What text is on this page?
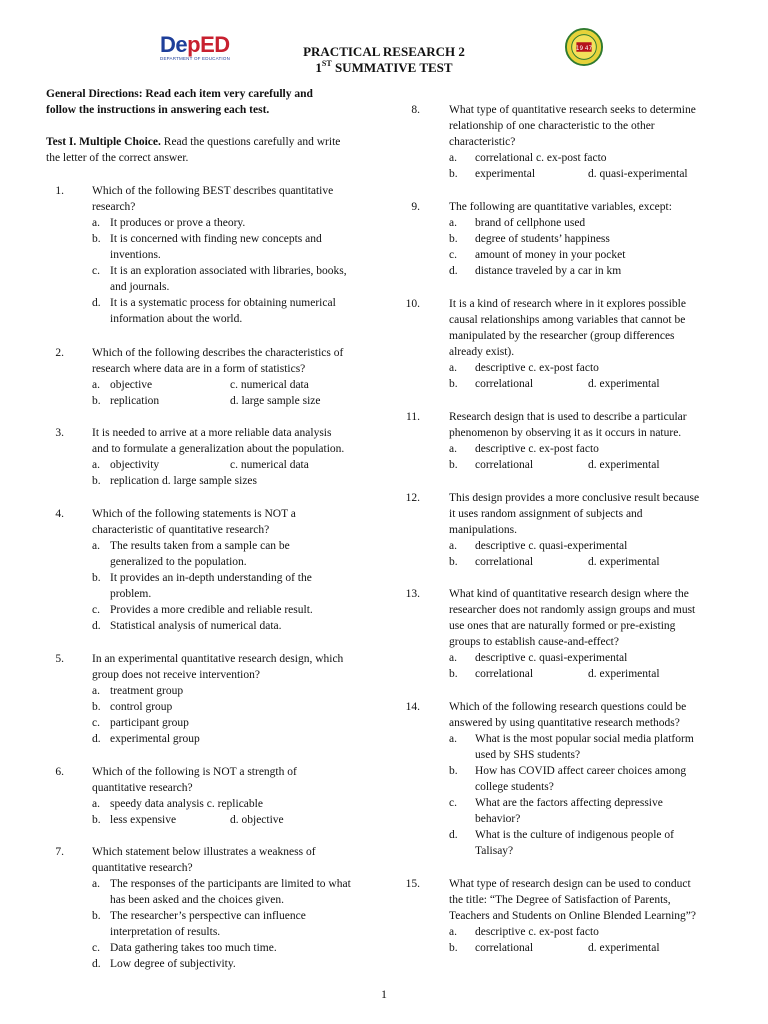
DepED
DEPARTMENT OF EDUCATION
19 47
PRACTICAL RESEARCH 2
1ST SUMMATIVE TEST
General Directions: Read each item very carefully and
follow the instructions in answering each test.
Test I. Multiple Choice. Read the questions carefully and write
the letter of the correct answer.
1. Which of the following BEST describes quantitative
research?
a. It produces or prove a theory.
b. It is concerned with finding new concepts and
inventions.
c. It is an exploration associated with libraries, books,
and journals.
d. It is a systematic process for obtaining numerical
information about the world.
2. Which of the following describes the characteristics of
research where data are in a form of statistics?
a. objective	c. numerical data
b. replication	d. large sample size
3. It is needed to arrive at a more reliable data analysis
and to formulate a generalization about the population.
a. objectivity	c. numerical data
b. replication d. large sample sizes
4. Which of the following statements is NOT a
characteristic of quantitative research?
a. The results taken from a sample can be
generalized to the population.
b. It provides an in-depth understanding of the
problem.
c. Provides a more credible and reliable result.
d. Statistical analysis of numerical data.
5. In an experimental quantitative research design, which
group does not receive intervention?
a. treatment group
b. control group
c. participant group
d. experimental group
6. Which of the following is NOT a strength of
quantitative research?
a. speedy data analysis c. replicable
b. less expensive	d. objective
7. Which statement below illustrates a weakness of
quantitative research?
a. The responses of the participants are limited to what
has been asked and the choices given.
b. The researcher’s perspective can influence
interpretation of results.
c. Data gathering takes too much time.
d. Low degree of subjectivity.
8.	What type of quantitative research seeks to determine
relationship of one characteristic to the other
characteristic?
a. correlational c. ex-post facto
b. experimental	d. quasi-experimental
9.	The following are quantitative variables, except:
a. brand of cellphone used
b. degree of students’ happiness
c. amount of money in your pocket
d. distance traveled by a car in km
10.	It is a kind of research where in it explores possible
causal relationships among variables that cannot be
manipulated by the researcher (group differences
already exist).
a. descriptive c. ex-post facto
b. correlational	d. experimental
11.	Research design that is used to describe a particular
phenomenon by observing it as it occurs in nature.
a. descriptive c. ex-post facto
b. correlational	d. experimental
12.	This design provides a more conclusive result because
it uses random assignment of subjects and
manipulations.
a. descriptive c. quasi-experimental
b. correlational	d. experimental
13.	What kind of quantitative research design where the
researcher does not randomly assign groups and must
use ones that are naturally formed or pre-existing
groups to establish cause-and-effect?
a. descriptive c. quasi-experimental
b. correlational	d. experimental
14.	Which of the following research questions could be
answered by using quantitative research methods?
a. What is the most popular social media platform
used by SHS students?
b. How has COVID affect career choices among
college students?
c. What are the factors affecting depressive
behavior?
d. What is the culture of indigenous people of
Talisay?
15.	What type of research design can be used to conduct
the title: “The Degree of Satisfaction of Parents,
Teachers and Students on Online Blended Learning”?
a. descriptive c. ex-post facto
b. correlational	d. experimental
1
